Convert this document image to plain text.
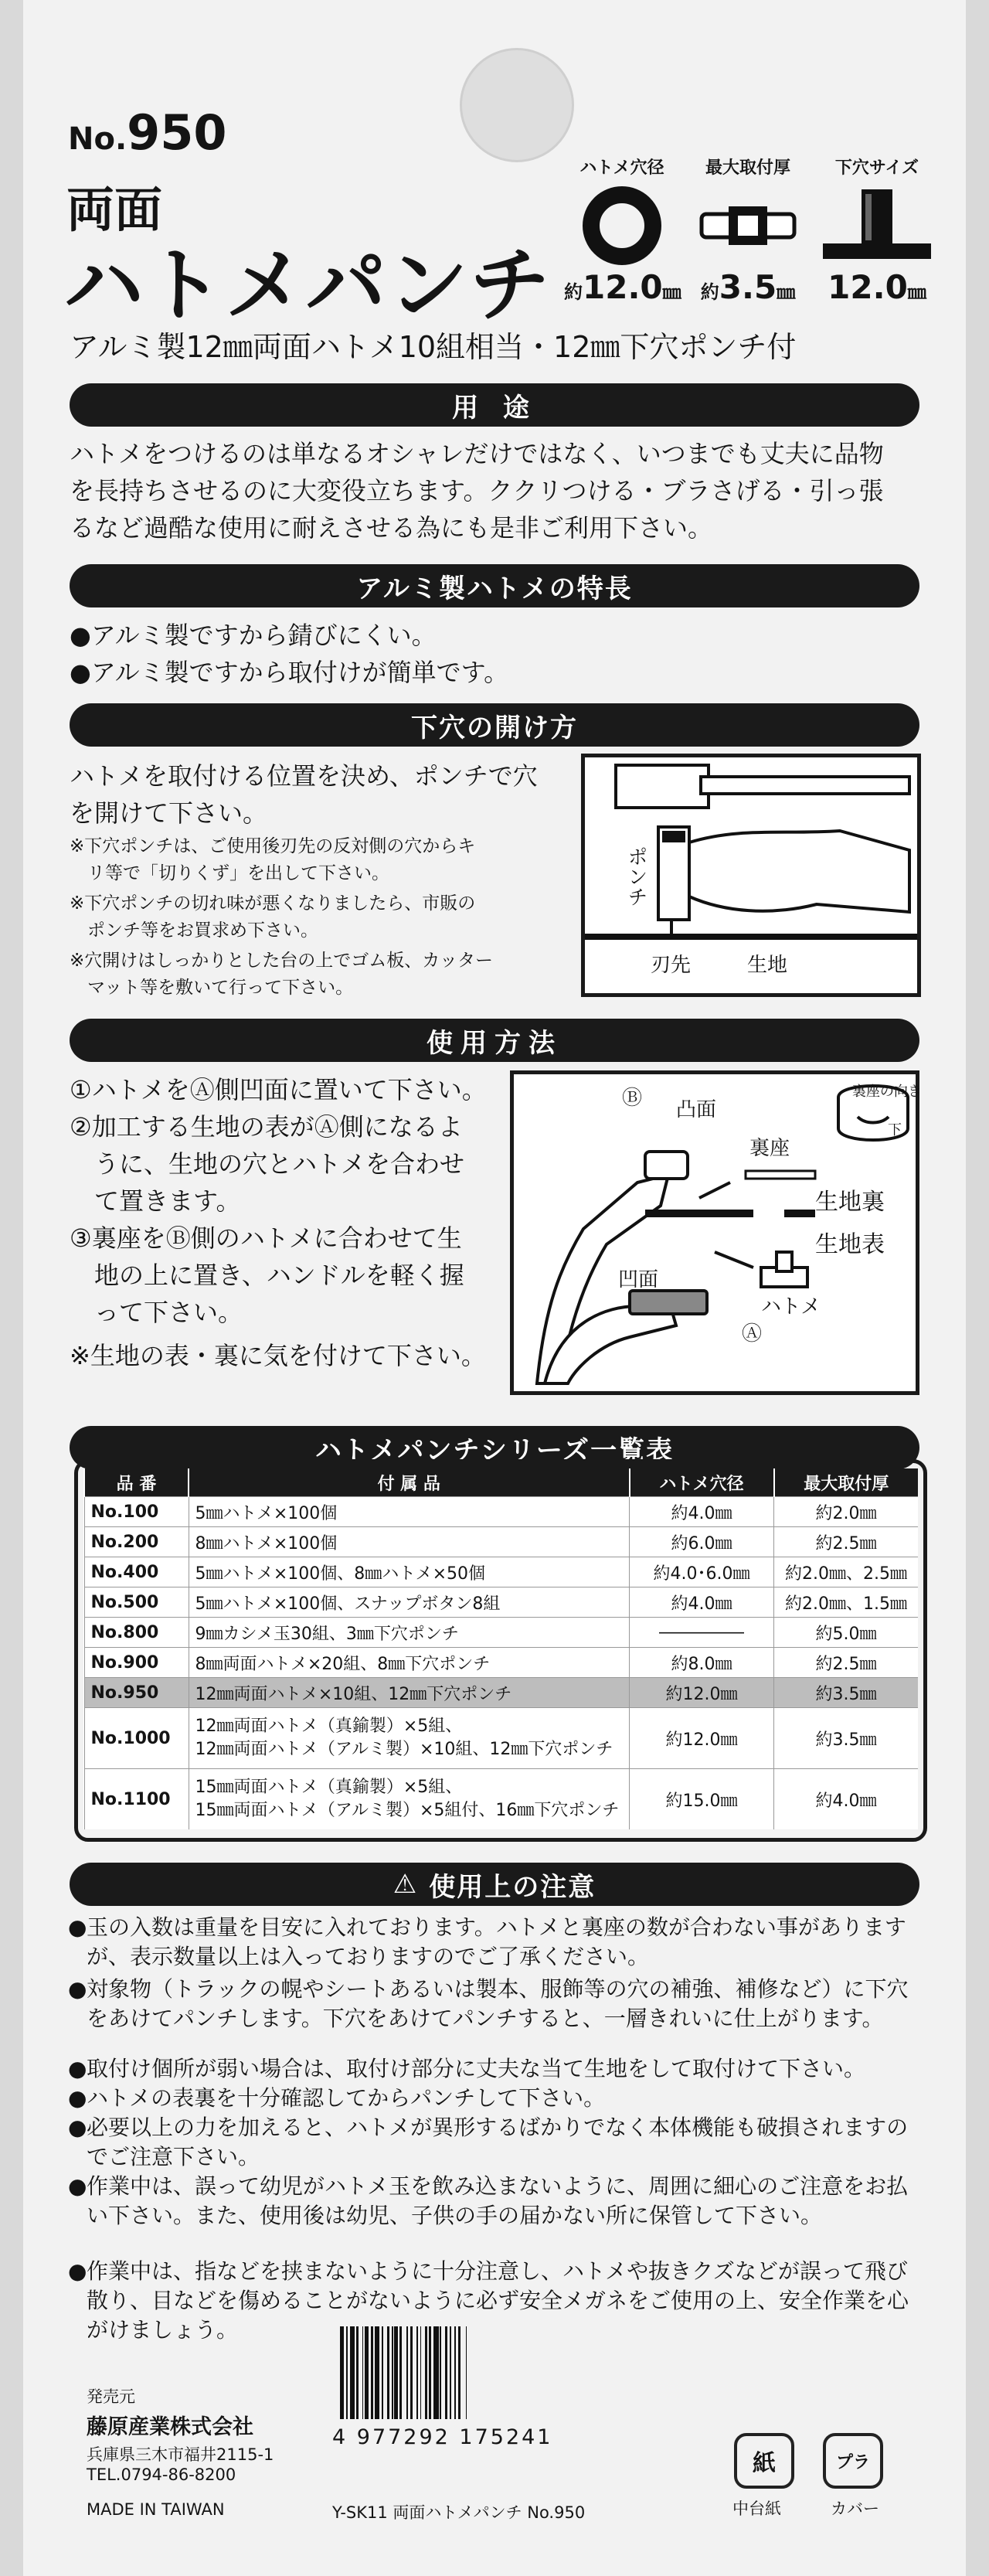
No.950
両面
ハトメパンチ
アルミ製12㎜両面ハトメ10組相当・12㎜下穴ポンチ付
ハトメ穴径
約12.0㎜
最大取付厚
約3.5㎜
下穴サイズ
12.0㎜
用 途
ハトメをつけるのは単なるオシャレだけではなく、いつまでも丈夫に品物
を長持ちさせるのに大変役立ちます。ククリつける・ブラさげる・引っ張
るなど過酷な使用に耐えさせる為にも是非ご利用下さい。
アルミ製ハトメの特長
●アルミ製ですから錆びにくい。
●アルミ製ですから取付けが簡単です。
下穴の開け方
ハトメを取付ける位置を決め、ポンチで穴
を開けて下さい。
※下穴ポンチは、ご使用後刃先の反対側の穴からキ
　リ等で「切りくず」を出して下さい。
※下穴ポンチの切れ味が悪くなりましたら、市販の
　ポンチ等をお買求め下さい。
※穴開けはしっかりとした台の上でゴム板、カッター
　マット等を敷いて行って下さい。
ポンチ
刃先	生地
使用方法
①ハトメをⒶ側凹面に置いて下さい。
②加工する生地の表がⒶ側になるよ
　うに、生地の穴とハトメを合わせ
　て置きます。
③裏座をⒷ側のハトメに合わせて生
　地の上に置き、ハンドルを軽く握
　って下さい。
※生地の表・裏に気を付けて下さい。
裏座の向き
下
Ⓑ 凸面
裏座
生地裏
生地表
凹面
ハトメ
Ⓐ
ハトメパンチシリーズ一覧表
品 番	付 属 品	ハトメ穴径	最大取付厚
No.100	5㎜ハトメ×100個	約4.0㎜	約2.0㎜
No.200	8㎜ハトメ×100個	約6.0㎜	約2.5㎜
No.400	5㎜ハトメ×100個、8㎜ハトメ×50個	約4.0･6.0㎜	約2.0㎜、2.5㎜
No.500	5㎜ハトメ×100個、スナップボタン8組	約4.0㎜	約2.0㎜、1.5㎜
No.800	9㎜カシメ玉30組、3㎜下穴ポンチ	―――――	約5.0㎜
No.900	8㎜両面ハトメ×20組、8㎜下穴ポンチ	約8.0㎜	約2.5㎜
No.950	12㎜両面ハトメ×10組、12㎜下穴ポンチ	約12.0㎜	約3.5㎜
No.1000	12㎜両面ハトメ（真鍮製）×5組、
12㎜両面ハトメ（アルミ製）×10組、12㎜下穴ポンチ	約12.0㎜	約3.5㎜
No.1100	15㎜両面ハトメ（真鍮製）×5組、
15㎜両面ハトメ（アルミ製）×5組付、16㎜下穴ポンチ	約15.0㎜	約4.0㎜
⚠ 使用上の注意
● 玉の入数は重量を目安に入れております。ハトメと裏座の数が合わない事がありますが、表示数量以上は入っておりますのでご了承ください。
● 対象物（トラックの幌やシートあるいは製本、服飾等の穴の補強、補修など）に下穴をあけてパンチします。下穴をあけてパンチすると、一層きれいに仕上がります。
● 取付け個所が弱い場合は、取付け部分に丈夫な当て生地をして取付けて下さい。
● ハトメの表裏を十分確認してからパンチして下さい。
● 必要以上の力を加えると、ハトメが異形するばかりでなく本体機能も破損されますのでご注意下さい。
● 作業中は、誤って幼児がハトメ玉を飲み込まないように、周囲に細心のご注意をお払い下さい。また、使用後は幼児、子供の手の届かない所に保管して下さい。
● 作業中は、指などを挟まないように十分注意し、ハトメや抜きクズなどが誤って飛び散り、目などを傷めることがないように必ず安全メガネをご使用の上、安全作業を心がけましょう。
発売元
藤原産業株式会社
兵庫県三木市福井2115-1
TEL.0794-86-8200
MADE IN TAIWAN
4 977292 175241
Y-SK11 両面ハトメパンチ No.950
紙
中台紙
プラ
カバー
